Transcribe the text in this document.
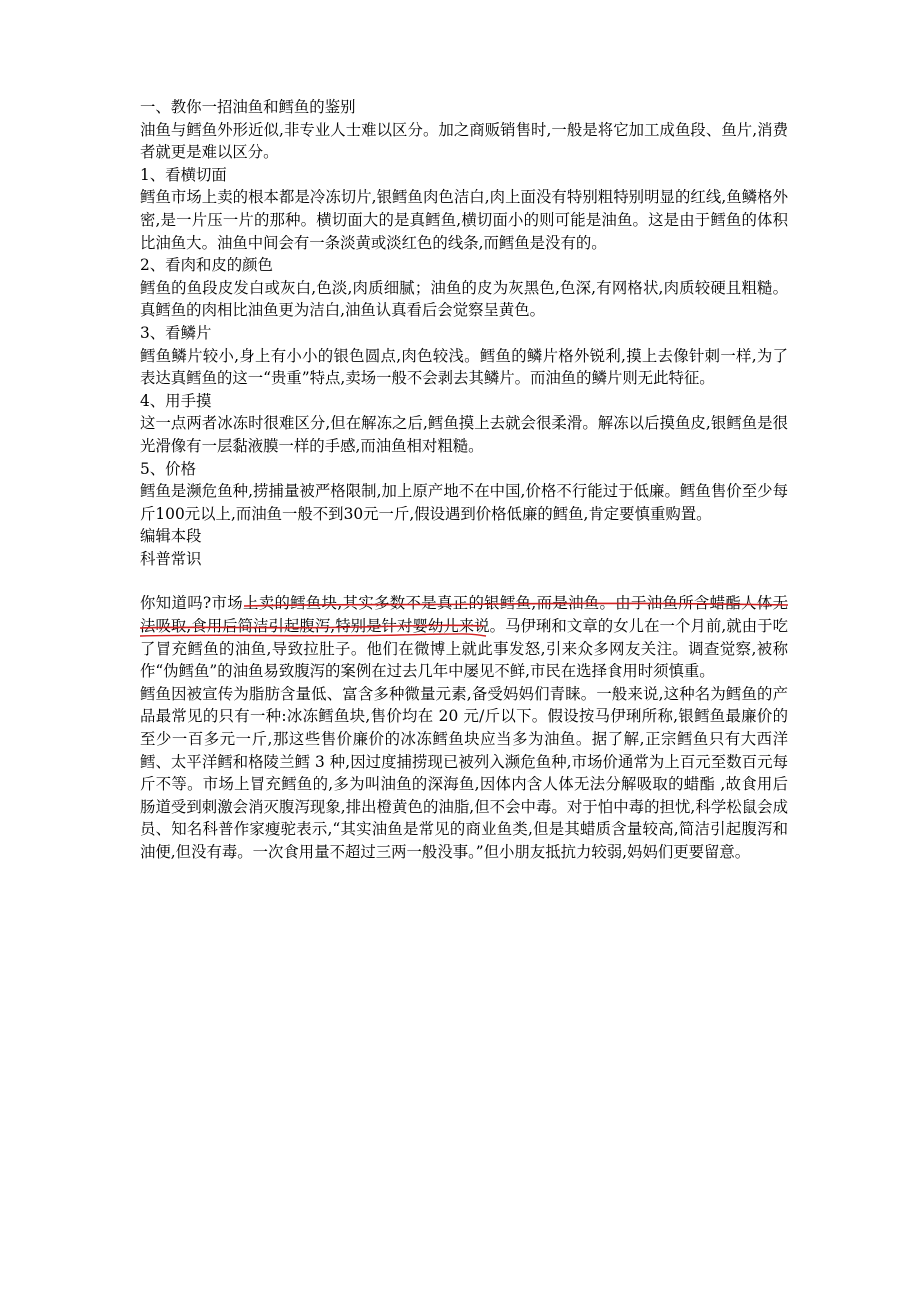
一、教你一招油鱼和鳕鱼的鉴别

油鱼与鳕鱼外形近似,非专业人士难以区分。加之商贩销售时,一般是将它加工成鱼段、鱼片,消费者就更是难以区分。

1、看横切面

鳕鱼市场上卖的根本都是冷冻切片,银鳕鱼肉色洁白,肉上面没有特别粗特别明显的红线,鱼鳞格外密,是一片压一片的那种。横切面大的是真鳕鱼,横切面小的则可能是油鱼。这是由于鳕鱼的体积比油鱼大。油鱼中间会有一条淡黄或淡红色的线条,而鳕鱼是没有的。

2、看肉和皮的颜色

鳕鱼的鱼段皮发白或灰白,色淡,肉质细腻；油鱼的皮为灰黑色,色深,有网格状,肉质较硬且粗糙。真鳕鱼的肉相比油鱼更为洁白,油鱼认真看后会觉察呈黄色。

3、看鳞片

鳕鱼鳞片较小,身上有小小的银色圆点,肉色较浅。鳕鱼的鳞片格外锐利,摸上去像针刺一样,为了表达真鳕鱼的这一“贵重”特点,卖场一般不会剥去其鳞片。而油鱼的鳞片则无此特征。

4、用手摸

这一点两者冰冻时很难区分,但在解冻之后,鳕鱼摸上去就会很柔滑。解冻以后摸鱼皮,银鳕鱼是很光滑像有一层黏液膜一样的手感,而油鱼相对粗糙。

5、价格

鳕鱼是濒危鱼种,捞捕量被严格限制,加上原产地不在中国,价格不行能过于低廉。鳕鱼售价至少每斤100元以上,而油鱼一般不到30元一斤,假设遇到价格低廉的鳕鱼,肯定要慎重购置。

编辑本段

科普常识

你知道吗?市场上卖的鳕鱼块,其实多数不是真正的银鳕鱼,而是油鱼。由于油鱼所含蜡酯人体无法吸取,食用后简洁引起腹泻,特别是针对婴幼儿来说。马伊琍和文章的女儿在一个月前,就由于吃了冒充鳕鱼的油鱼,导致拉肚子。他们在微博上就此事发怒,引来众多网友关注。调查觉察,被称作“伪鳕鱼”的油鱼易致腹泻的案例在过去几年中屡见不鲜,市民在选择食用时须慎重。

鳕鱼因被宣传为脂肪含量低、富含多种微量元素,备受妈妈们青睐。一般来说,这种名为鳕鱼的产品最常见的只有一种:冰冻鳕鱼块,售价均在 20 元/斤以下。假设按马伊琍所称,银鳕鱼最廉价的至少一百多元一斤,那这些售价廉价的冰冻鳕鱼块应当多为油鱼。据了解,正宗鳕鱼只有大西洋鳕、太平洋鳕和格陵兰鳕 3 种,因过度捕捞现已被列入濒危鱼种,市场价通常为上百元至数百元每斤不等。市场上冒充鳕鱼的,多为叫油鱼的深海鱼,因体内含人体无法分解吸取的蜡酯 ,故食用后肠道受到刺激会消灭腹泻现象,排出橙黄色的油脂,但不会中毒。对于怕中毒的担忧,科学松鼠会成员、知名科普作家瘦驼表示,“其实油鱼是常见的商业鱼类,但是其蜡质含量较高,简洁引起腹泻和油便,但没有毒。一次食用量不超过三两一般没事。”但小朋友抵抗力较弱,妈妈们更要留意。
